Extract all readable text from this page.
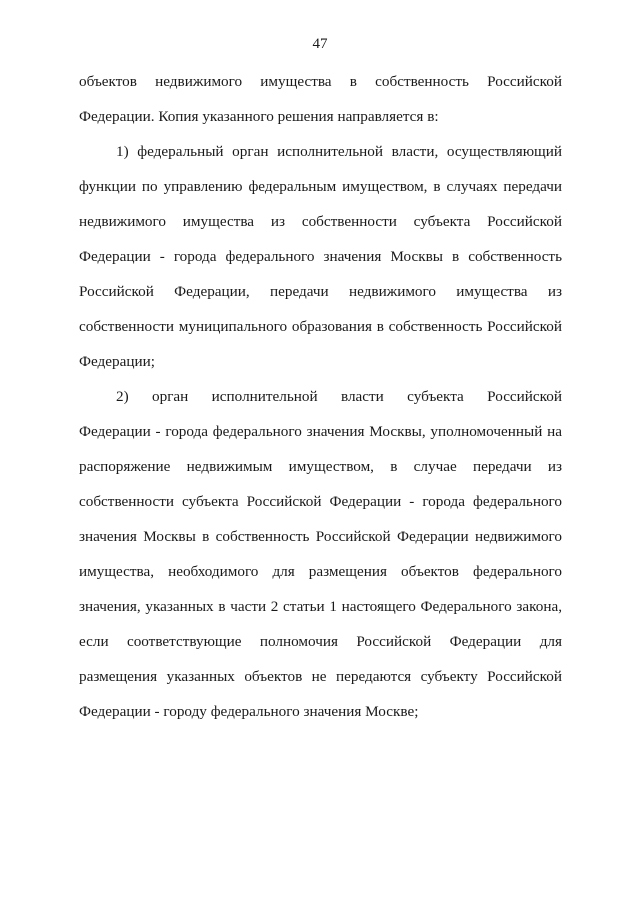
47
объектов недвижимого имущества в собственность Российской
Федерации. Копия указанного решения направляется в:
1) федеральный орган исполнительной власти, осуществляющий
функции по управлению федеральным имуществом, в случаях передачи
недвижимого имущества из собственности субъекта Российской
Федерации - города федерального значения Москвы в собственность
Российской Федерации, передачи недвижимого имущества из
собственности муниципального образования в собственность Российской
Федерации;
2) орган исполнительной власти субъекта Российской
Федерации - города федерального значения Москвы, уполномоченный на
распоряжение недвижимым имуществом, в случае передачи из
собственности субъекта Российской Федерации - города федерального
значения Москвы в собственность Российской Федерации недвижимого
имущества, необходимого для размещения объектов федерального
значения, указанных в части 2 статьи 1 настоящего Федерального закона,
если соответствующие полномочия Российской Федерации для
размещения указанных объектов не передаются субъекту Российской
Федерации - городу федерального значения Москве;
